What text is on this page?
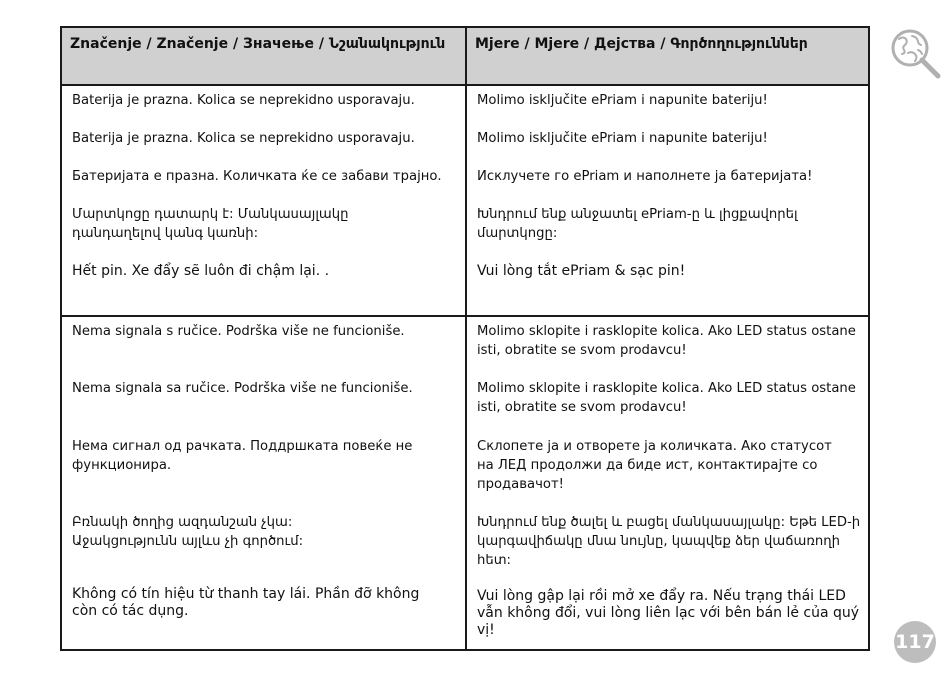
Značenje / Značenje / Значење / Նշանակություն	Mjere / Mjere / Дејства / Գործողություններ
Baterija je prazna. Kolica se neprekidno usporavaju.
Baterija je prazna. Kolica se neprekidno usporavaju.
Батеријата е празна. Количката ќе се забави трајно.
Մարտկոցը դատարկ է: Մանկասայլակը դանդաղելով կանգ կառնի:
Hết pin. Xe đẩy sẽ luôn đi chậm lại. .
Molimo isključite ePriam i napunite bateriju!
Molimo isključite ePriam i napunite bateriju!
Исклучете го ePriam и наполнете ја батеријата!
Խնդրում ենք անջատել ePriam-ը և լիցքավորել մարտկոցը:
Vui lòng tắt ePriam & sạc pin!
Nema signala s ručice. Podrška više ne funcioniše.
Nema signala sa ručice. Podrška više ne funcioniše.
Нема сигнал од рачката. Поддршката повеќе не функционира.
Բռնակի ծողից ազդանշան չկա: Աջակցությունն այլևս չի գործում:
Không có tín hiệu từ thanh tay lái. Phần đỡ không còn có tác dụng.
Molimo sklopite i rasklopite kolica. Ako LED status ostane isti, obratite se svom prodavcu!
Molimo sklopite i rasklopite kolica. Ako LED status ostane isti, obratite se svom prodavcu!
Склопете ја и отворете ја количката. Ако статусот на ЛЕД продолжи да биде ист, контактирајте со продавачот!
Խնդրում ենք ծալել և բացել մանկասայլակը: Եթե LED-ի կարգավիճակը մնա նույնը, կապվեք ձեր վաճառողի հետ:
Vui lòng gập lại rồi mở xe đẩy ra. Nếu trạng thái LED vẫn không đổi, vui lòng liên lạc với bên bán lẻ của quý vị!
117
